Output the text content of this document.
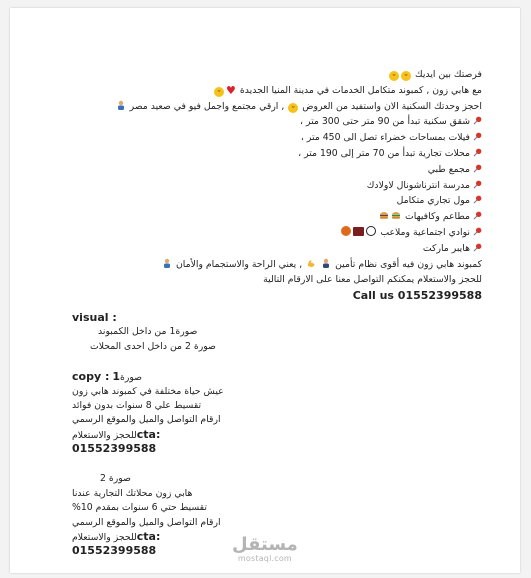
فرصتك بين ايديك ᵕᵕ
مع هابي زون , كمبوند متكامل الخدمات في مدينة المنيا الجديدة ♥ᵕ
احجز وحدتك السكنية الان واستفيد من العروض ᵕ , ارقي مجتمع واجمل فيو في صعيد مصر
شقق سكنية تبدأ من 90 متر حتى 300 متر ،
فيلات بمساحات خضراء تصل الى 450 متر ،
محلات تجارية تبدأ من 70 متر إلى 190 متر ،
مجمع طبي
مدرسة انترناشونال لاولادك
مول تجاري متكامل
مطاعم وكافيهات
نوادي اجتماعية وملاعب
هايبر ماركت
كمبوند هابي زون فيه أقوى نظام تأمين   , يعني الراحة والاستجمام والأمان
للحجز والاستعلام يمكنكم التواصل معنا على الارقام التالية
Call us 01552399588
visual :
صورة1 من داخل الكمبوند
صورة 2 من داخل احدى المحلات
copy : صورة1
عيش حياة مختلفة في كمبوند هابي زون
تقسيط علي 8 سنوات بدون فوائد
ارقام التواصل والميل والموقع الرسمي
للحجز والاستعلامcta:
01552399588
صورة 2
هابي زون محلاتك التجارية عندنا
تقسيط حتي 6 سنوات بمقدم 10%
ارقام التواصل والميل والموقع الرسمي
للحجز والاستعلامcta:
01552399588	مستقل
mostaql.com
